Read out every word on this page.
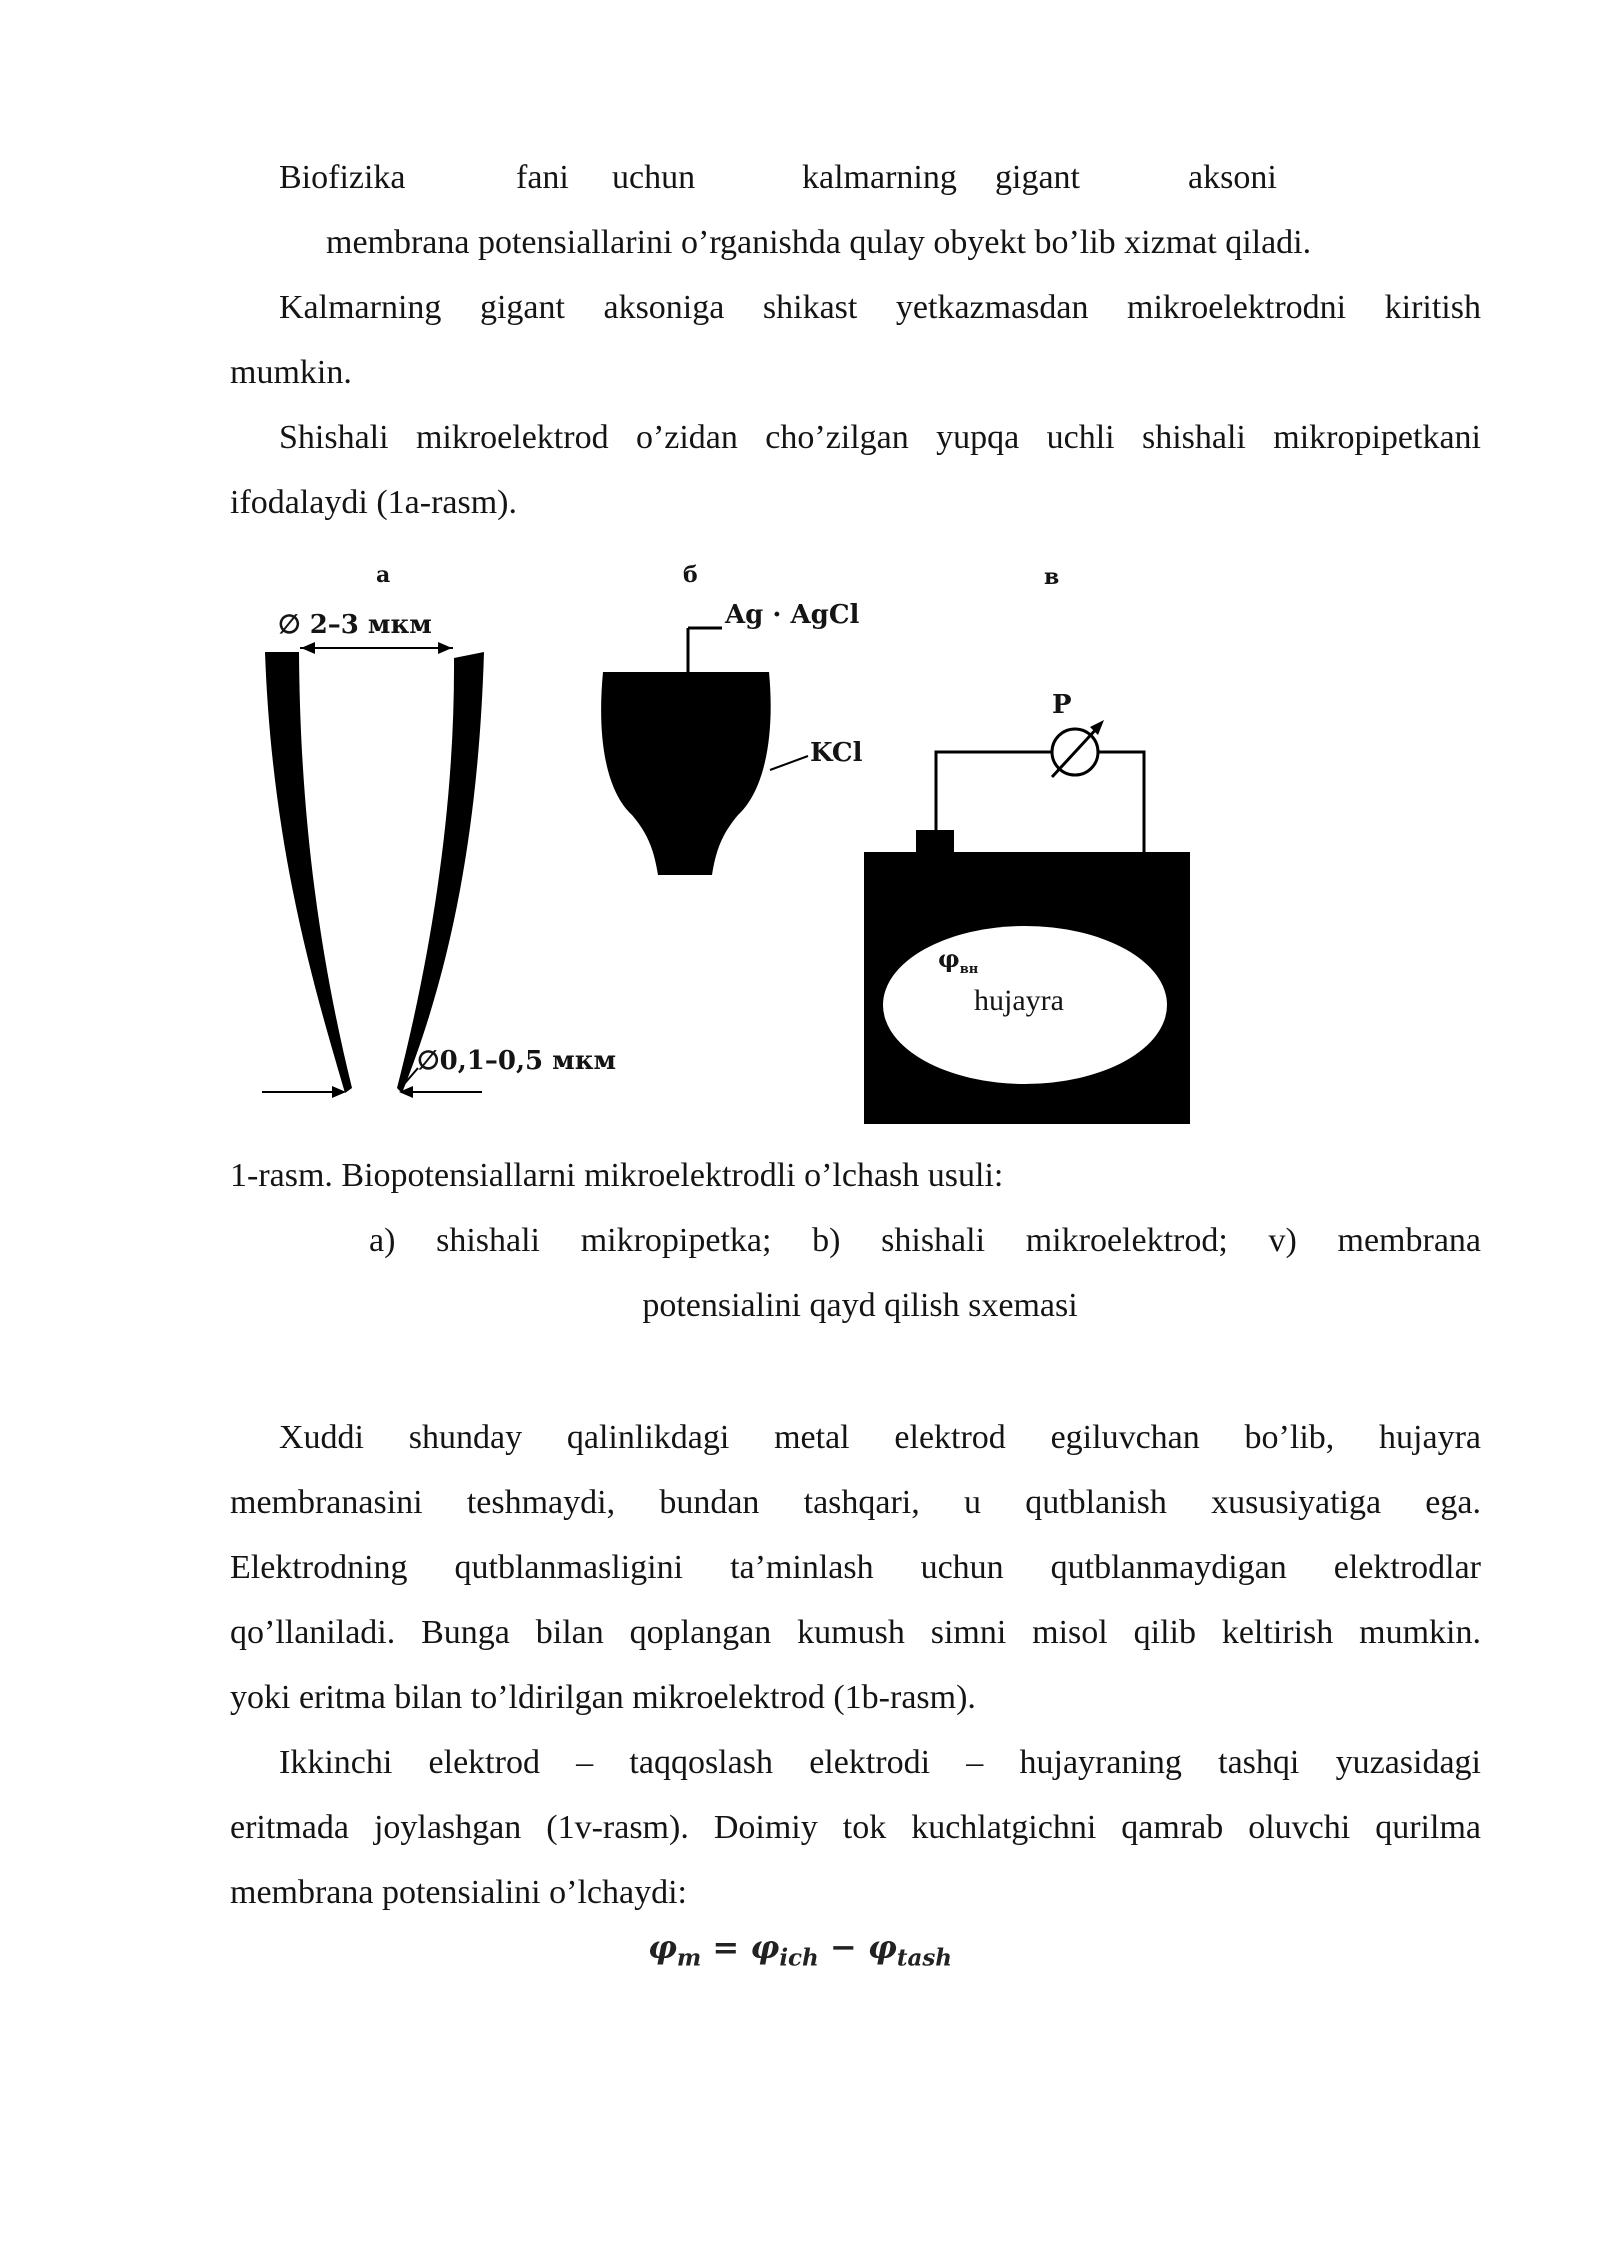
Biofizika	fani uchun	kalmarning gigant	aksoni
membrana potensiallarini o’rganishda qulay obyekt bo’lib xizmat qiladi.
Kalmarning gigant aksoniga shikast yetkazmasdan mikroelektrodni kiritish
mumkin.
Shishali mikroelektrod o’zidan cho’zilgan yupqa uchli shishali mikropipetkani
ifodalaydi (1a-rasm).
а	б	в
∅ 2–3 мкм
∅0,1–0,5 мкм
Ag · AgCl
KCl
P
$\varphi_{вн}$
hujayra
1-rasm. Biopotensiallarni mikroelektrodli o’lchash usuli:
a) shishali mikropipetka; b) shishali mikroelektrod; v) membrana
potensialini qayd qilish sxemasi
Xuddi shunday qalinlikdagi metal elektrod egiluvchan bo’lib, hujayra
membranasini teshmaydi, bundan tashqari, u qutblanish xususiyatiga ega.
Elektrodning qutblanmasligini ta’minlash uchun qutblanmaydigan elektrodlar
qo’llaniladi. Bunga bilan qoplangan kumush simni misol qilib keltirish mumkin.
yoki eritma bilan to’ldirilgan mikroelektrod (1b-rasm).
Ikkinchi elektrod – taqqoslash elektrodi – hujayraning tashqi yuzasidagi
eritmada joylashgan (1v-rasm). Doimiy tok kuchlatgichni qamrab oluvchi qurilma
membrana potensialini o’lchaydi:
$\varphi_m = \varphi_{ich} - \varphi_{tash}$
